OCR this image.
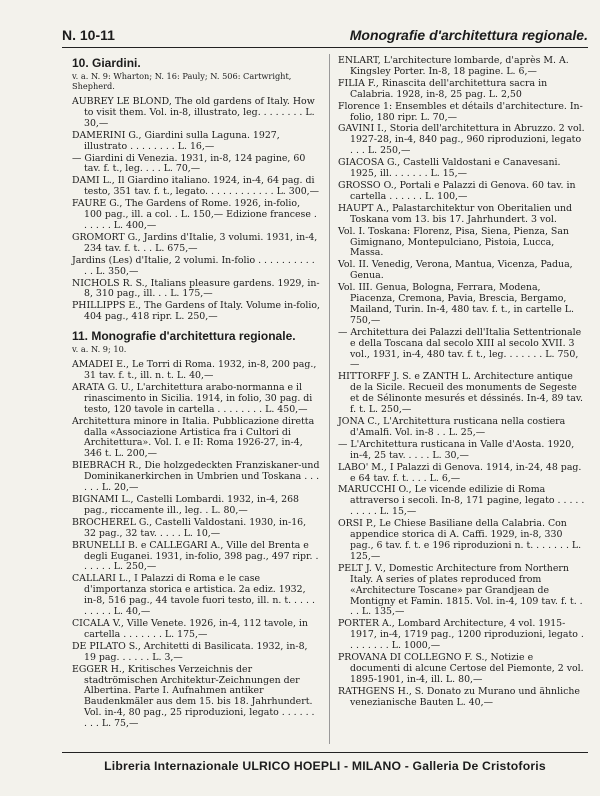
N. 10-11	Monografie d'architettura regionale.
10. Giardini.
v. a. N. 9: Wharton; N. 16: Pauly; N. 506: Cartwright, Shepherd.
AUBREY LE BLOND, The old gardens of Italy. How to visit them. Vol. in-8, illustrato, leg. . . . . . . . L. 30,—
DAMERINI G., Giardini sulla Laguna. 1927, illustrato . . . . . . . . L. 16,—
— Giardini di Venezia. 1931, in-8, 124 pagine, 60 tav. f. t., leg. . . . L. 70,—
DAMI L., Il Giardino italiano. 1924, in-4, 64 pag. di testo, 351 tav. f. t., legato. . . . . . . . . . . . L. 300,—
FAURE G., The Gardens of Rome. 1926, in-folio, 100 pag., ill. a col. . L. 150,— Edizione francese . . . . . . L. 400,—
GROMORT G., Jardins d'Italie, 3 volumi. 1931, in-4, 234 tav. f. t. . . L. 675,—
Jardins (Les) d'Italie, 2 volumi. In-folio . . . . . . . . . . . . L. 350,—
NICHOLS R. S., Italians pleasure gardens. 1929, in-8, 310 pag., ill. . . L. 175,—
PHILLIPPS E., The Gardens of Italy. Volume in-folio, 404 pag., 418 ripr. L. 250,—
11. Monografie d'architettura regionale.
v. a. N. 9; 10.
AMADEI E., Le Torri di Roma. 1932, in-8, 200 pag., 31 tav. f. t., ill. n. t. L. 40,—
ARATA G. U., L'architettura arabo-normanna e il rinascimento in Sicilia. 1914, in folio, 30 pag. di testo, 120 tavole in cartella . . . . . . . . L. 450,—
Architettura minore in Italia. Pubblicazione diretta dalla «Associazione Artistica fra i Cultori di Architettura». Vol. I. e II: Roma 1926-27, in-4, 346 t. L. 200,—
BIEBRACH R., Die holzgedeckten Franziskaner-und Dominikanerkirchen in Umbrien und Toskana . . . . . . L. 20,—
BIGNAMI L., Castelli Lombardi. 1932, in-4, 268 pag., riccamente ill., leg. . L. 80,—
BROCHEREL G., Castelli Valdostani. 1930, in-16, 32 pag., 32 tav. . . . . L. 10,—
BRUNELLI B. e CALLEGARI A., Ville del Brenta e degli Euganei. 1931, in-folio, 398 pag., 497 ripr. . . . . . . L. 250,—
CALLARI L., I Palazzi di Roma e le case d'importanza storica e artistica. 2a ediz. 1932, in-8, 516 pag., 44 tavole fuori testo, ill. n. t. . . . . . . . . . L. 40,—
CICALA V., Ville Venete. 1926, in-4, 112 tavole, in cartella . . . . . . . L. 175,—
DE PILATO S., Architetti di Basilicata. 1932, in-8, 19 pag. . . . . . L. 3,—
EGGER H., Kritisches Verzeichnis der stadtrömischen Architektur-Zeichnungen der Albertina. Parte I. Aufnahmen antiker Baudenkmäler aus dem 15. bis 18. Jahrhundert. Vol. in-4, 80 pag., 25 riproduzioni, legato . . . . . . . . . L. 75,—
ENLART, L'architecture lombarde, d'après M. A. Kingsley Porter. In-8, 18 pagine. L. 6,—
FILIA F., Rinascita dell'architettura sacra in Calabria. 1928, in-8, 25 pag. L. 2,50
Florence 1: Ensembles et détails d'architecture. In-folio, 180 ripr. L. 70,—
GAVINI I., Storia dell'architettura in Abruzzo. 2 vol. 1927-28, in-4, 840 pag., 960 riproduzioni, legato . . . L. 250,—
GIACOSA G., Castelli Valdostani e Canavesani. 1925, ill. . . . . . . L. 15,—
GROSSO O., Portali e Palazzi di Genova. 60 tav. in cartella . . . . . . L. 100,—
HAUPT A., Palastarchitektur von Oberitalien und Toskana vom 13. bis 17. Jahrhundert. 3 vol.
Vol. I. Toskana: Florenz, Pisa, Siena, Pienza, San Gimignano, Montepulciano, Pistoia, Lucca, Massa.
Vol. II. Venedig, Verona, Mantua, Vicenza, Padua, Genua.
Vol. III. Genua, Bologna, Ferrara, Modena, Piacenza, Cremona, Pavia, Brescia, Bergamo, Mailand, Turin. In-4, 480 tav. f. t., in cartelle L. 750,—
— Architettura dei Palazzi dell'Italia Settentrionale e della Toscana dal secolo XIII al secolo XVII. 3 vol., 1931, in-4, 480 tav. f. t., leg. . . . . . . L. 750,—
HITTORFF J. S. e ZANTH L. Architecture antique de la Sicile. Recueil des monuments de Segeste et de Sélinonte mesurés et déssinés. In-4, 89 tav. f. t. L. 250,—
JONA C., L'Architettura rusticana nella costiera d'Amalfi. Vol. in-8 . . L. 25,—
— L'Architettura rusticana in Valle d'Aosta. 1920, in-4, 25 tav. . . . . L. 30,—
LABO' M., I Palazzi di Genova. 1914, in-24, 48 pag. e 64 tav. f. t. . . . L. 6,—
MARUCCHI O., Le vicende edilizie di Roma attraverso i secoli. In-8, 171 pagine, legato . . . . . . . . . . L. 15,—
ORSI P., Le Chiese Basiliane della Calabria. Con appendice storica di A. Caffi. 1929, in-8, 330 pag., 6 tav. f. t. e 196 riproduzioni n. t. . . . . . . L. 125,—
PELT J. V., Domestic Architecture from Northern Italy. A series of plates reproduced from «Architecture Toscane» par Grandjean de Montigny et Famin. 1815. Vol. in-4, 109 tav. f. t. . . . L. 135,—
PORTER A., Lombard Architecture, 4 vol. 1915-1917, in-4, 1719 pag., 1200 riproduzioni, legato . . . . . . . . L. 1000,—
PROVANA DI COLLEGNO F. S., Notizie e documenti di alcune Certose del Piemonte, 2 vol. 1895-1901, in-4, ill. L. 80,—
RATHGENS H., S. Donato zu Murano und ähnliche venezianische Bauten L. 40,—
Libreria Internazionale ULRICO HOEPLI - MILANO - Galleria De Cristoforis
